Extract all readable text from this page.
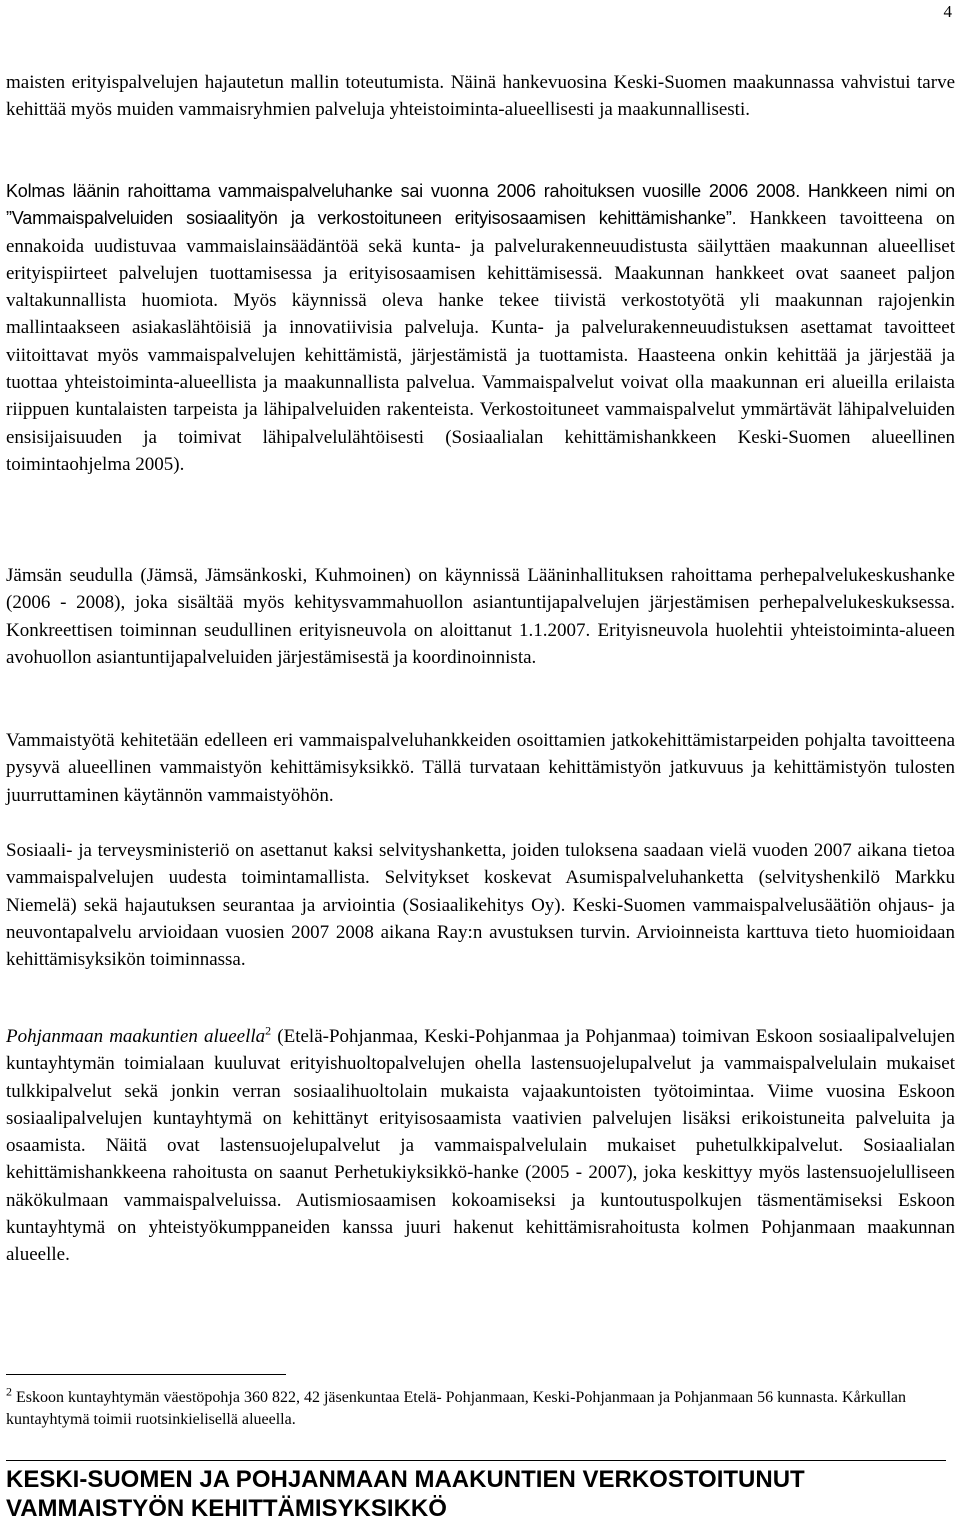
4

maisten erityispalvelujen hajautetun mallin toteutumista. Näinä hankevuosina Keski-Suomen maakunnassa vahvistui tarve kehittää myös muiden vammaisryhmien palveluja yhteistoiminta-alueellisesti ja maakunnallisesti.

Kolmas läänin rahoittama vammaispalveluhanke sai vuonna 2006 rahoituksen vuosille 2006 2008. Hankkeen nimi on ”Vammaispalveluiden sosiaalityön ja verkostoituneen erityisosaamisen kehittämishanke”. Hankkeen tavoitteena on ennakoida uudistuvaa vammaislainsäädäntöä sekä kunta- ja palvelurakenneuudistusta säilyttäen maakunnan alueelliset erityispiirteet palvelujen tuottamisessa ja erityisosaamisen kehittämisessä. Maakunnan hankkeet ovat saaneet paljon valtakunnallista huomiota. Myös käynnissä oleva hanke tekee tiivistä verkostotyötä yli maakunnan rajojenkin mallintaakseen asiakaslähtöisiä ja innovatiivisia palveluja. Kunta- ja palvelurakenneuudistuksen asettamat tavoitteet viitoittavat myös vammaispalvelujen kehittämistä, järjestämistä ja tuottamista. Haasteena onkin kehittää ja järjestää ja tuottaa yhteistoiminta-alueellista ja maakunnallista palvelua. Vammaispalvelut voivat olla maakunnan eri alueilla erilaista riippuen kuntalaisten tarpeista ja lähipalveluiden rakenteista. Verkostoituneet vammaispalvelut ymmärtävät lähipalveluiden ensisijaisuuden ja toimivat lähipalvelulähtöisesti (Sosiaalialan kehittämishankkeen Keski-Suomen alueellinen toimintaohjelma 2005).

Jämsän seudulla (Jämsä, Jämsänkoski, Kuhmoinen) on käynnissä Lääninhallituksen rahoittama perhepalvelukeskushanke (2006 - 2008), joka sisältää myös kehitysvammahuollon asiantuntijapalvelujen järjestämisen perhepalvelukeskuksessa. Konkreettisen toiminnan seudullinen erityisneuvola on aloittanut 1.1.2007. Erityisneuvola huolehtii yhteistoiminta-alueen avohuollon asiantuntijapalveluiden järjestämisestä ja koordinoinnista.

Vammaistyötä kehitetään edelleen eri vammaispalveluhankkeiden osoittamien jatkokehittämistarpeiden pohjalta tavoitteena pysyvä alueellinen vammaistyön kehittämisyksikkö. Tällä turvataan kehittämistyön jatkuvuus ja kehittämistyön tulosten juurruttaminen käytännön vammaistyöhön.

Sosiaali- ja terveysministeriö on asettanut kaksi selvityshanketta, joiden tuloksena saadaan vielä vuoden 2007 aikana tietoa vammaispalvelujen uudesta toimintamallista. Selvitykset koskevat Asumispalveluhanketta (selvityshenkilö Markku Niemelä) sekä hajautuksen seurantaa ja arviointia (Sosiaalikehitys Oy). Keski-Suomen vammaispalvelusäätiön ohjaus- ja neuvontapalvelu arvioidaan vuosien 2007 2008 aikana Ray:n avustuksen turvin. Arvioinneista karttuva tieto huomioidaan kehittämisyksikön toiminnassa.

Pohjanmaan maakuntien alueella$^2$ (Etelä-Pohjanmaa, Keski-Pohjanmaa ja Pohjanmaa) toimivan Eskoon sosiaalipalvelujen kuntayhtymän toimialaan kuuluvat erityishuoltopalvelujen ohella lastensuojelupalvelut ja vammaispalvelulain mukaiset tulkkipalvelut sekä jonkin verran sosiaalihuoltolain mukaista vajaakuntoisten työtoimintaa. Viime vuosina Eskoon sosiaalipalvelujen kuntayhtymä on kehittänyt erityisosaamista vaativien palvelujen lisäksi erikoistuneita palveluita ja osaamista. Näitä ovat lastensuojelupalvelut ja vammaispalvelulain mukaiset puhetulkkipalvelut. Sosiaalialan kehittämishankkeena rahoitusta on saanut Perhetukiyksikkö-hanke (2005 - 2007), joka keskittyy myös lastensuojelulliseen näkökulmaan vammaispalveluissa. Autismiosaamisen kokoamiseksi ja kuntoutuspolkujen täsmentämiseksi Eskoon kuntayhtymä on yhteistyökumppaneiden kanssa juuri hakenut kehittämisrahoitusta kolmen Pohjanmaan maakunnan alueelle.

$^2$ Eskoon kuntayhtymän väestöpohja 360 822, 42 jäsenkuntaa Etelä- Pohjanmaan, Keski-Pohjanmaan ja Pohjanmaan 56 kunnasta. Kårkullan kuntayhtymä toimii ruotsinkielisellä alueella.

KESKI-SUOMEN JA POHJANMAAN MAAKUNTIEN VERKOSTOITUNUT
VAMMAISTYÖN KEHITTÄMISYKSIKKÖ
